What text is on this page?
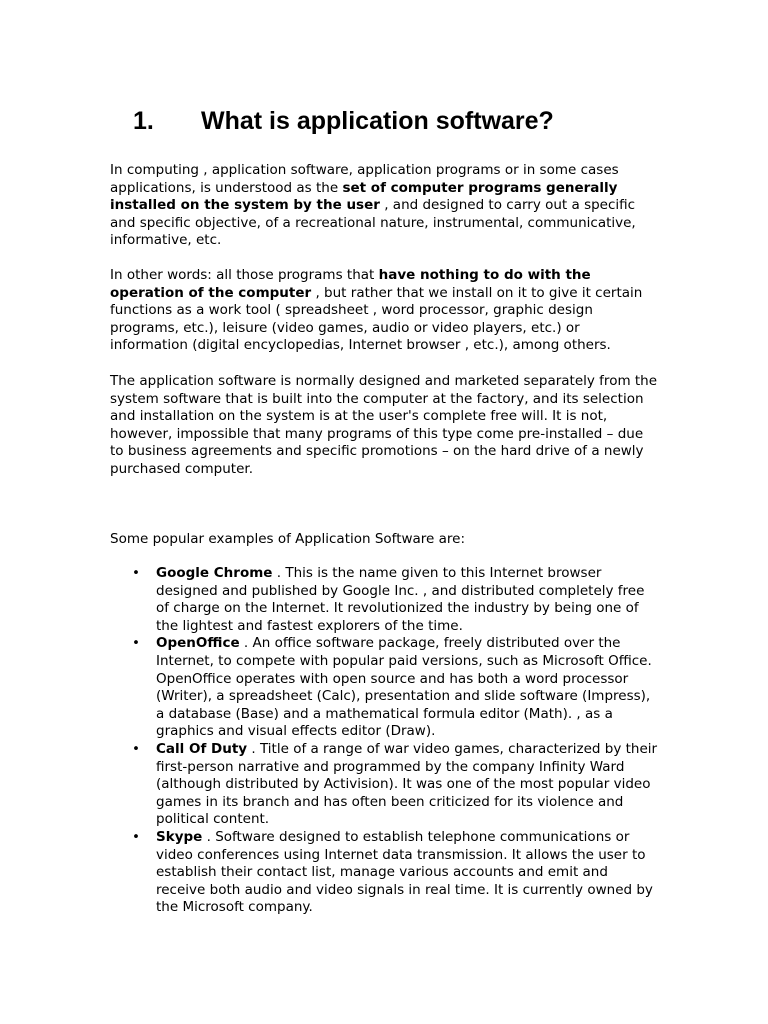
1. What is application software?

In computing , application software, application programs or in some cases applications, is understood as the set of computer programs generally installed on the system by the user , and designed to carry out a specific and specific objective, of a recreational nature, instrumental, communicative, informative, etc.

In other words: all those programs that have nothing to do with the operation of the computer , but rather that we install on it to give it certain functions as a work tool ( spreadsheet , word processor, graphic design programs, etc.), leisure (video games, audio or video players, etc.) or information (digital encyclopedias, Internet browser , etc.), among others.

The application software is normally designed and marketed separately from the system software that is built into the computer at the factory, and its selection and installation on the system is at the user's complete free will. It is not, however, impossible that many programs of this type come pre-installed – due to business agreements and specific promotions – on the hard drive of a newly purchased computer.

Some popular examples of Application Software are:

• Google Chrome . This is the name given to this Internet browser designed and published by Google Inc. , and distributed completely free of charge on the Internet. It revolutionized the industry by being one of the lightest and fastest explorers of the time.
• OpenOffice . An office software package, freely distributed over the Internet, to compete with popular paid versions, such as Microsoft Office. OpenOffice operates with open source and has both a word processor (Writer), a spreadsheet (Calc), presentation and slide software (Impress), a database (Base) and a mathematical formula editor (Math). , as a graphics and visual effects editor (Draw).
• Call Of Duty . Title of a range of war video games, characterized by their first-person narrative and programmed by the company Infinity Ward (although distributed by Activision). It was one of the most popular video games in its branch and has often been criticized for its violence and political content.
• Skype . Software designed to establish telephone communications or video conferences using Internet data transmission. It allows the user to establish their contact list, manage various accounts and emit and receive both audio and video signals in real time. It is currently owned by the Microsoft company.
